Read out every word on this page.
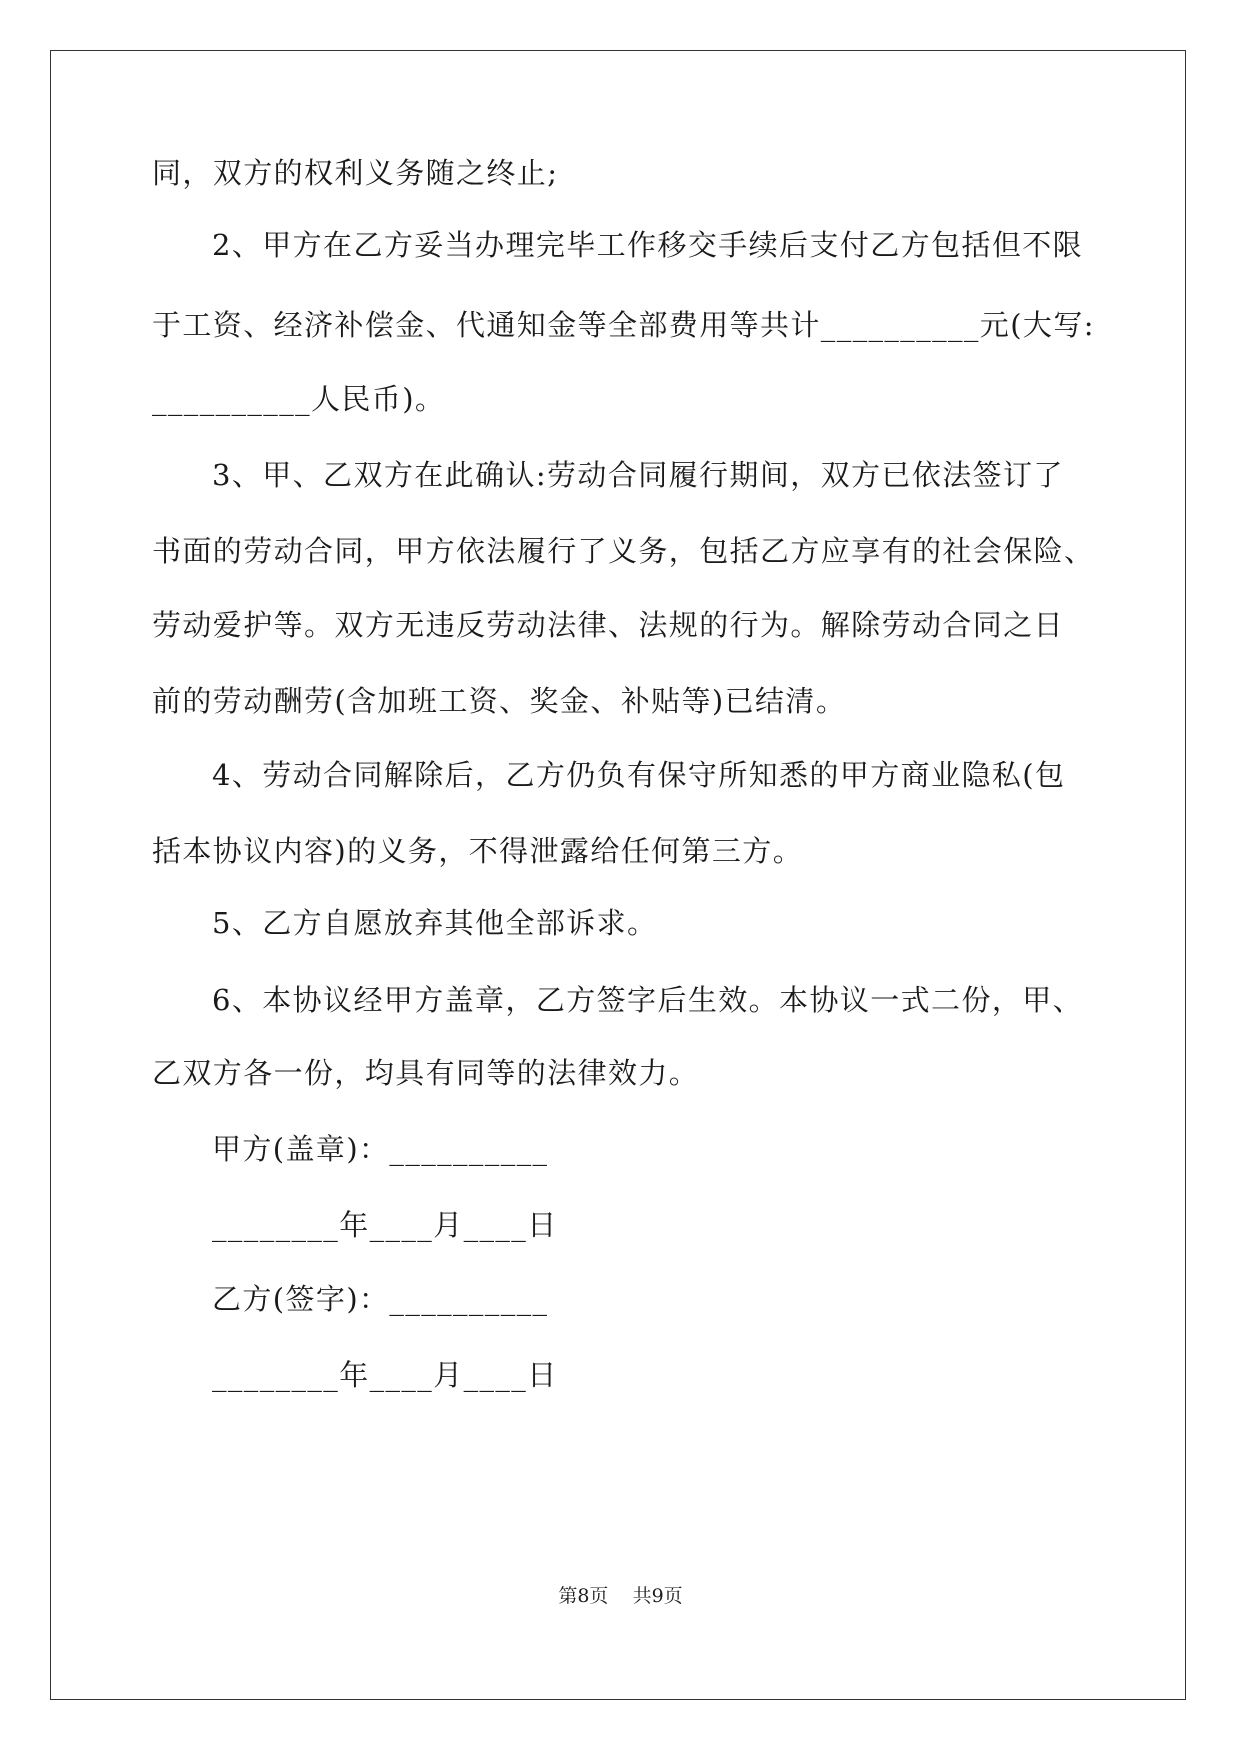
同，双方的权利义务随之终止;
2、甲方在乙方妥当办理完毕工作移交手续后支付乙方包括但不限
于工资、经济补偿金、代通知金等全部费用等共计__________元(大写:
__________人民币)。
3、甲、乙双方在此确认:劳动合同履行期间，双方已依法签订了
书面的劳动合同，甲方依法履行了义务，包括乙方应享有的社会保险、
劳动爱护等。双方无违反劳动法律、法规的行为。解除劳动合同之日
前的劳动酬劳(含加班工资、奖金、补贴等)已结清。
4、劳动合同解除后，乙方仍负有保守所知悉的甲方商业隐私(包
括本协议内容)的义务，不得泄露给任何第三方。
5、乙方自愿放弃其他全部诉求。
6、本协议经甲方盖章，乙方签字后生效。本协议一式二份，甲、
乙双方各一份，均具有同等的法律效力。
甲方(盖章)：__________
________年____月____日
乙方(签字)：__________
________年____月____日
第8页 共9页
